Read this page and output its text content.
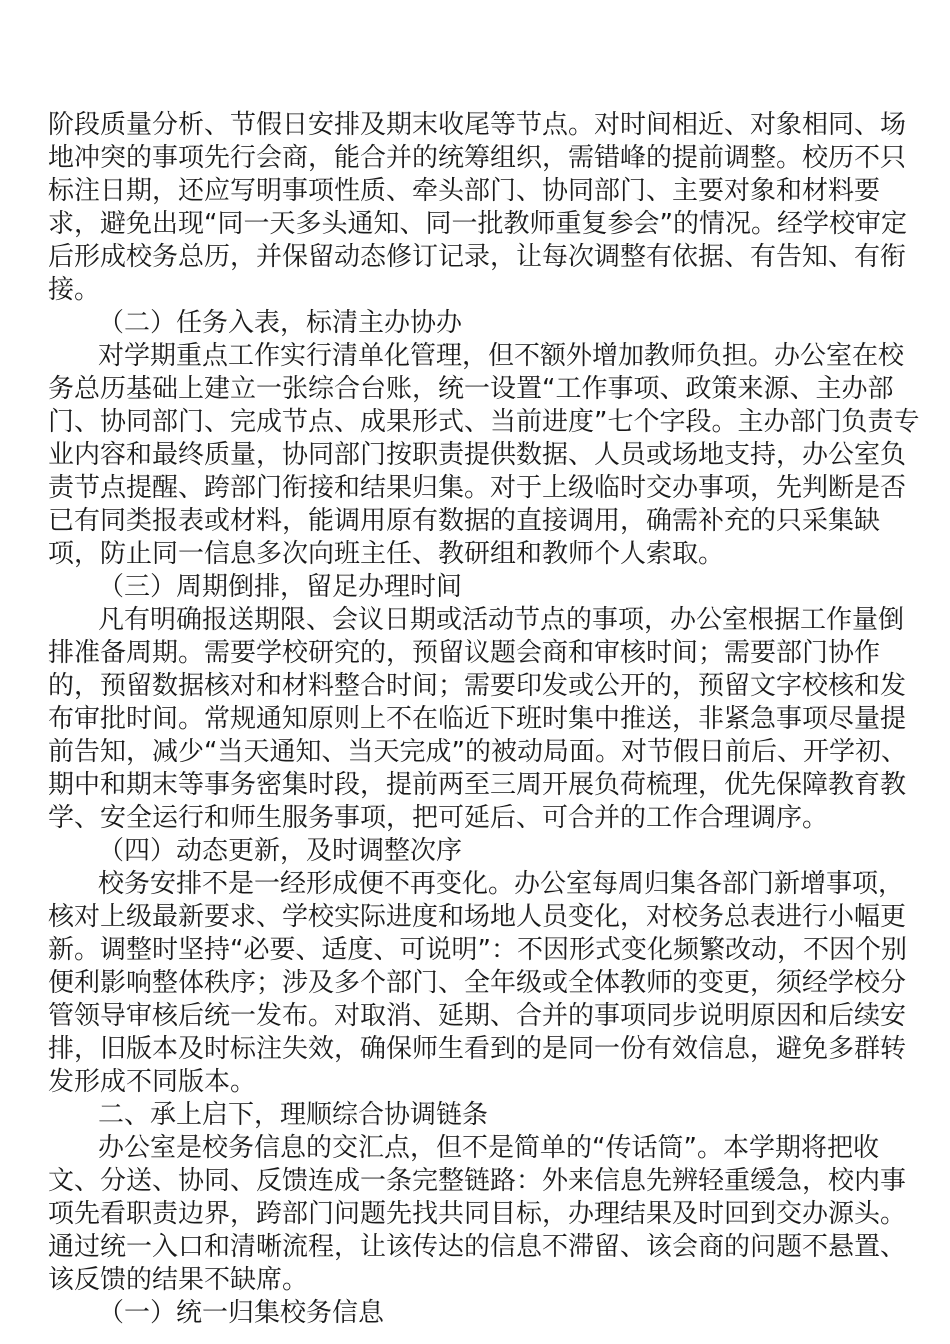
阶段质量分析、节假日安排及期末收尾等节点。对时间相近、对象相同、场
地冲突的事项先行会商，能合并的统筹组织，需错峰的提前调整。校历不只
标注日期，还应写明事项性质、牵头部门、协同部门、主要对象和材料要
求，避免出现“同一天多头通知、同一批教师重复参会”的情况。经学校审定
后形成校务总历，并保留动态修订记录，让每次调整有依据、有告知、有衔
接。
（二）任务入表，标清主办协办
对学期重点工作实行清单化管理，但不额外增加教师负担。办公室在校
务总历基础上建立一张综合台账，统一设置“工作事项、政策来源、主办部
门、协同部门、完成节点、成果形式、当前进度”七个字段。主办部门负责专
业内容和最终质量，协同部门按职责提供数据、人员或场地支持，办公室负
责节点提醒、跨部门衔接和结果归集。对于上级临时交办事项，先判断是否
已有同类报表或材料，能调用原有数据的直接调用，确需补充的只采集缺
项，防止同一信息多次向班主任、教研组和教师个人索取。
（三）周期倒排，留足办理时间
凡有明确报送期限、会议日期或活动节点的事项，办公室根据工作量倒
排准备周期。需要学校研究的，预留议题会商和审核时间；需要部门协作
的，预留数据核对和材料整合时间；需要印发或公开的，预留文字校核和发
布审批时间。常规通知原则上不在临近下班时集中推送，非紧急事项尽量提
前告知，减少“当天通知、当天完成”的被动局面。对节假日前后、开学初、
期中和期末等事务密集时段，提前两至三周开展负荷梳理，优先保障教育教
学、安全运行和师生服务事项，把可延后、可合并的工作合理调序。
（四）动态更新，及时调整次序
校务安排不是一经形成便不再变化。办公室每周归集各部门新增事项，
核对上级最新要求、学校实际进度和场地人员变化，对校务总表进行小幅更
新。调整时坚持“必要、适度、可说明”：不因形式变化频繁改动，不因个别
便利影响整体秩序；涉及多个部门、全年级或全体教师的变更，须经学校分
管领导审核后统一发布。对取消、延期、合并的事项同步说明原因和后续安
排，旧版本及时标注失效，确保师生看到的是同一份有效信息，避免多群转
发形成不同版本。
二、承上启下，理顺综合协调链条
办公室是校务信息的交汇点，但不是简单的“传话筒”。本学期将把收
文、分送、协同、反馈连成一条完整链路：外来信息先辨轻重缓急，校内事
项先看职责边界，跨部门问题先找共同目标，办理结果及时回到交办源头。
通过统一入口和清晰流程，让该传达的信息不滞留、该会商的问题不悬置、
该反馈的结果不缺席。
（一）统一归集校务信息
